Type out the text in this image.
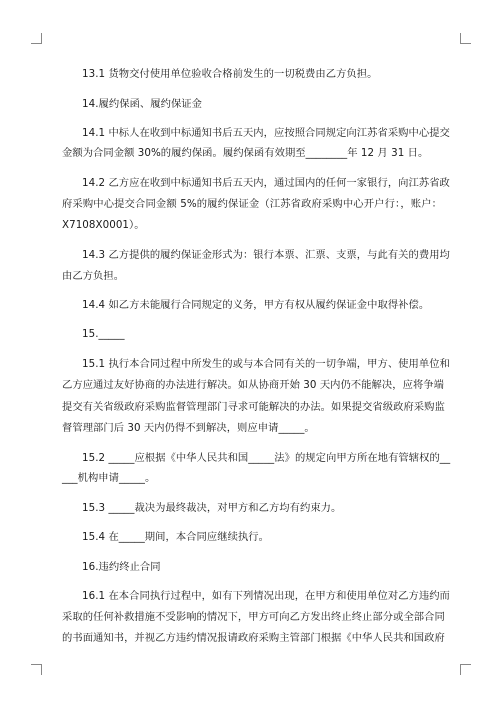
13.1 货物交付使用单位验收合格前发生的一切税费由乙方负担。
14.履约保函、履约保证金
14.1 中标人在收到中标通知书后五天内，应按照合同规定向江苏省采购中心提交
金额为合同金额 30%的履约保函。履约保函有效期至________年 12 月 31 日。
14.2 乙方应在收到中标通知书后五天内，通过国内的任何一家银行，向江苏省政
府采购中心提交合同金额 5%的履约保证金（江苏省政府采购中心开户行：，账户：
X7108X0001）。
14.3 乙方提供的履约保证金形式为：银行本票、汇票、支票，与此有关的费用均
由乙方负担。
14.4 如乙方未能履行合同规定的义务，甲方有权从履约保证金中取得补偿。
15._____
15.1 执行本合同过程中所发生的或与本合同有关的一切争端，甲方、使用单位和
乙方应通过友好协商的办法进行解决。如从协商开始 30 天内仍不能解决，应将争端
提交有关省级政府采购监督管理部门寻求可能解决的办法。如果提交省级政府采购监
督管理部门后 30 天内仍得不到解决，则应申请_____。
15.2 _____应根据《中华人民共和国_____法》的规定向甲方所在地有管辖权的__
___机构申请_____。
15.3 _____裁决为最终裁决，对甲方和乙方均有约束力。
15.4 在_____期间，本合同应继续执行。
16.违约终止合同
16.1 在本合同执行过程中，如有下列情况出现，在甲方和使用单位对乙方违约而
采取的任何补救措施不受影响的情况下，甲方可向乙方发出终止终止部分或全部合同
的书面通知书，并视乙方违约情况报请政府采购主管部门根据《中华人民共和国政府
